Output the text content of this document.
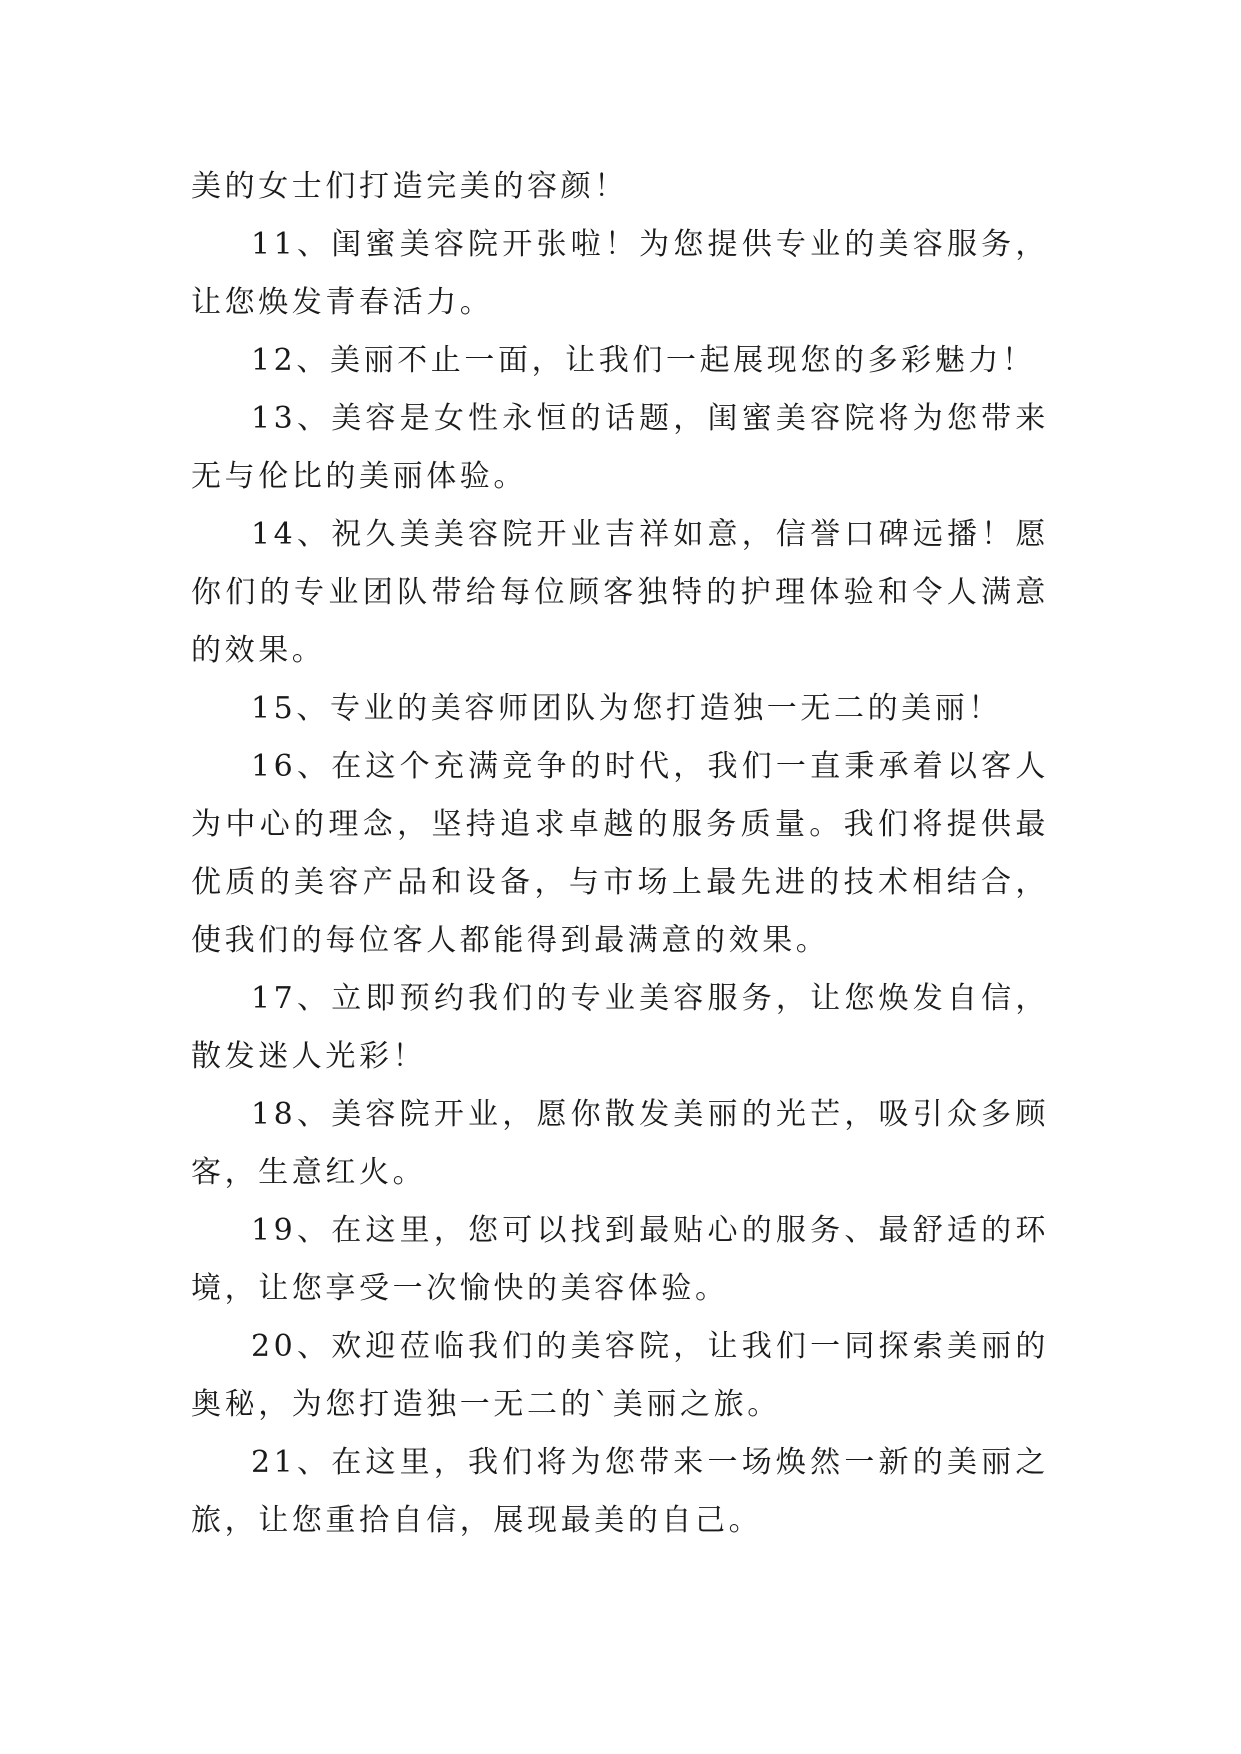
美的女士们打造完美的容颜！

11、闺蜜美容院开张啦！为您提供专业的美容服务，让您焕发青春活力。

12、美丽不止一面，让我们一起展现您的多彩魅力！

13、美容是女性永恒的话题，闺蜜美容院将为您带来无与伦比的美丽体验。

14、祝久美美容院开业吉祥如意，信誉口碑远播！愿你们的专业团队带给每位顾客独特的护理体验和令人满意的效果。

15、专业的美容师团队为您打造独一无二的美丽！

16、在这个充满竞争的时代，我们一直秉承着以客人为中心的理念，坚持追求卓越的服务质量。我们将提供最优质的美容产品和设备，与市场上最先进的技术相结合，使我们的每位客人都能得到最满意的效果。

17、立即预约我们的专业美容服务，让您焕发自信，散发迷人光彩！

18、美容院开业，愿你散发美丽的光芒，吸引众多顾客，生意红火。

19、在这里，您可以找到最贴心的服务、最舒适的环境，让您享受一次愉快的美容体验。

20、欢迎莅临我们的美容院，让我们一同探索美丽的奥秘，为您打造独一无二的`美丽之旅。

21、在这里，我们将为您带来一场焕然一新的美丽之旅，让您重拾自信，展现最美的自己。
